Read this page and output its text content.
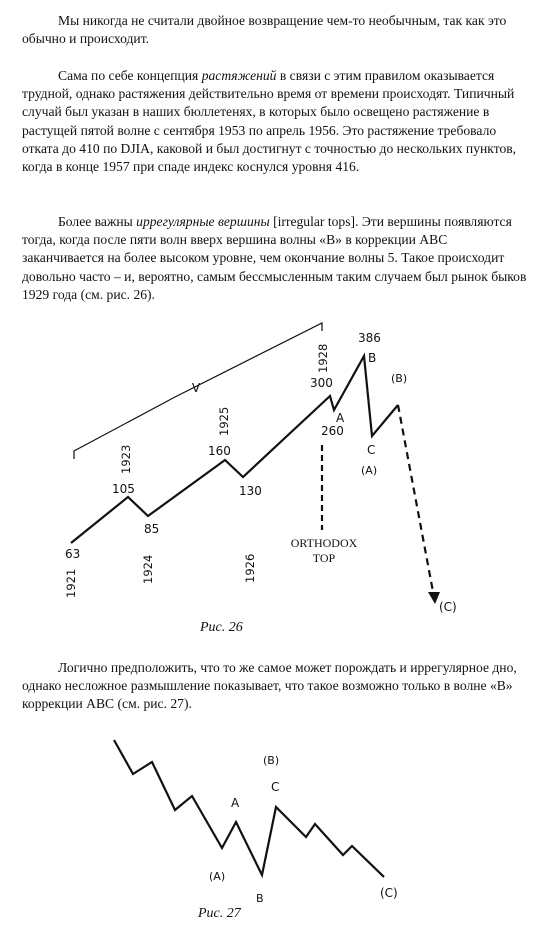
Мы никогда не считали двойное возвращение чем-то необычным, так как это обычно и происходит.

Сама по себе концепция растяжений в связи с этим правилом оказывается трудной, однако растяжения действительно время от времени происходят. Типичный случай был указан в наших бюллетенях, в которых было освещено растяжение в растущей пятой волне с сентября 1953 по апрель 1956. Это растяжение требовало отката до 410 по DJIA, каковой и был достигнут с точностью до нескольких пунктов, когда в конце 1957 при спаде индекс коснулся уровня 416.

Более важны иррегулярные вершины [irregular tops]. Эти вершины появляются тогда, когда после пяти волн вверх вершина волны «B» в коррекции ABC заканчивается на более высоком уровне, чем окончание волны 5. Такое происходит довольно часто – и, вероятно, самым бессмысленным таким случаем был рынок быков 1929 года (см. рис. 26).

V
63
105
85
160
130
300
260
386
1921
1923
1924
1925
1926
1928
A
B
C
(A)
(B)
(C)
ORTHODOX
TOP
Рис. 26

Логично предположить, что то же самое может порождать и иррегулярное дно, однако несложное размышление показывает, что такое возможно только в волне «B» коррекции ABC (см. рис. 27).

(A)
(B)
(C)
A
B
C
Рис. 27
